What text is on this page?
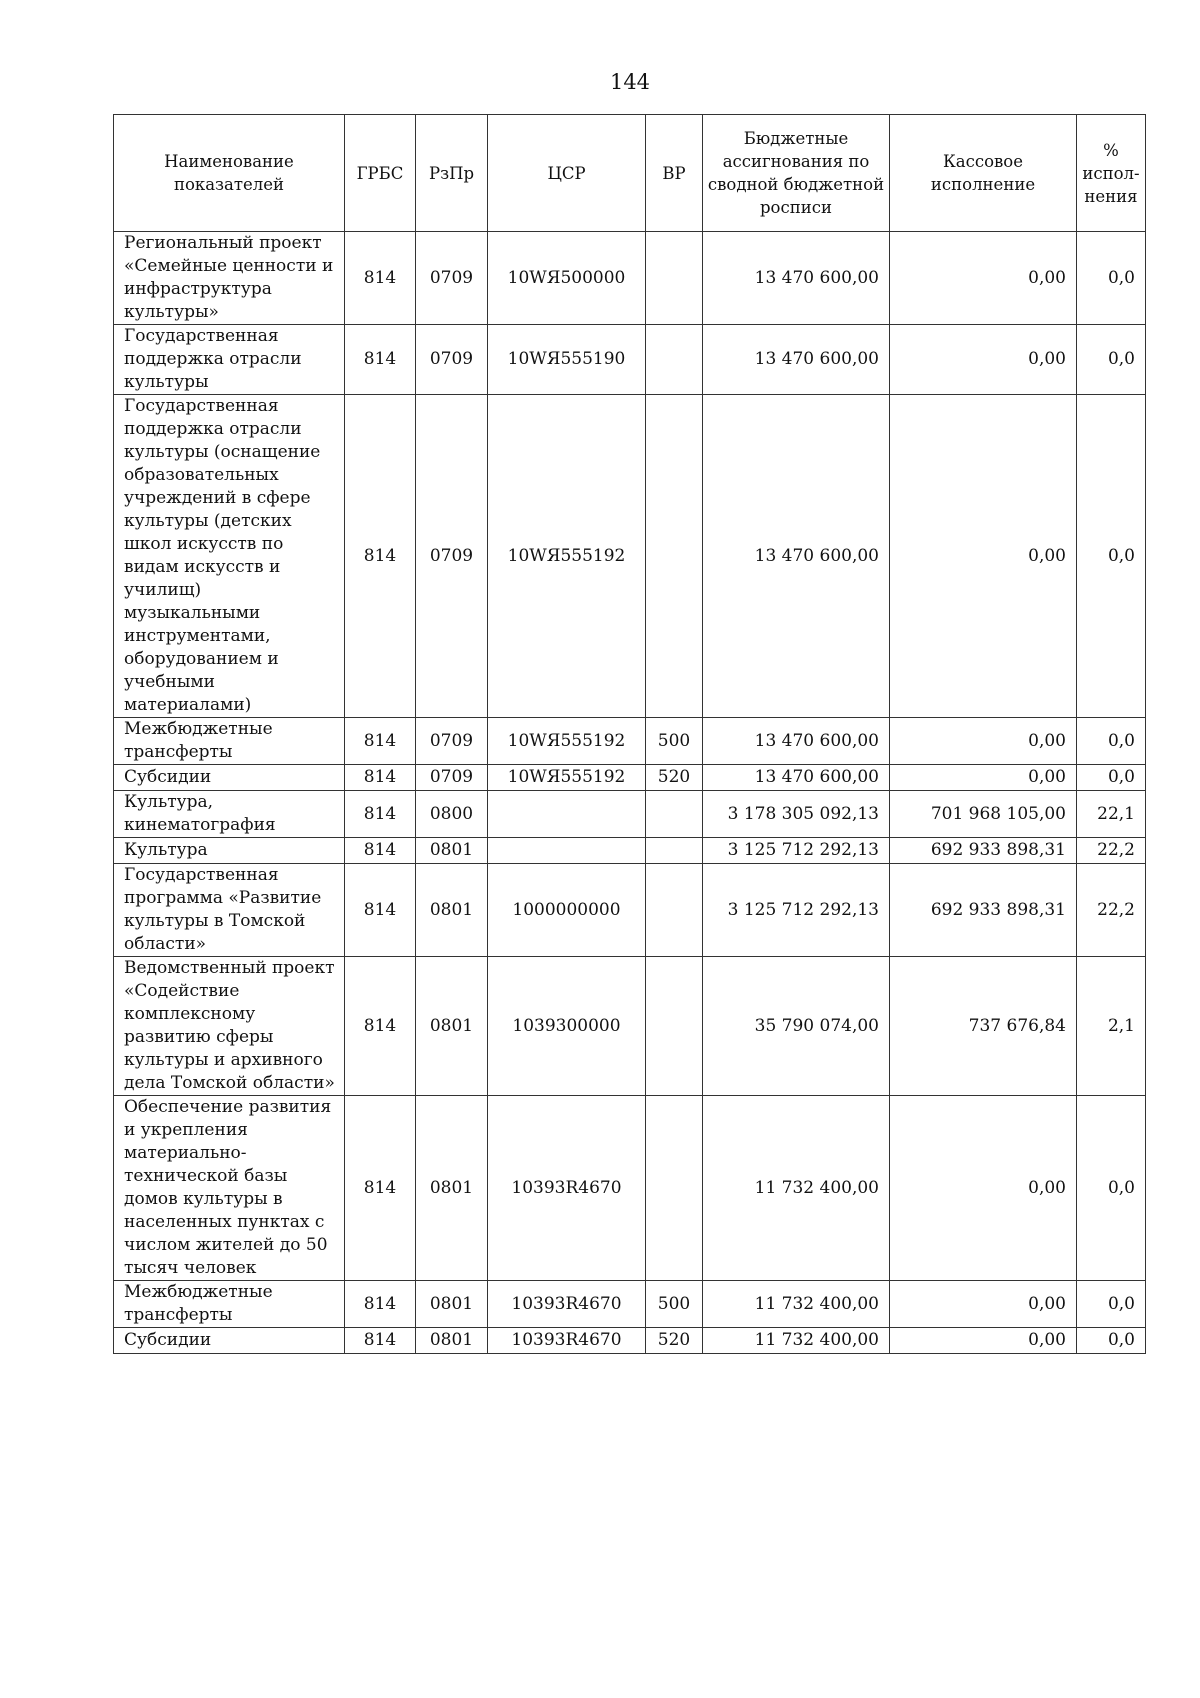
144
Наименование показателей	ГРБС	РзПр	ЦСР	ВР	Бюджетные ассигнования по сводной бюджетной росписи	Кассовое исполнение	% испол-нения
Региональный проект «Семейные ценности и инфраструктура культуры»	814	0709	10WЯ500000		13 470 600,00	0,00	0,0
Государственная поддержка отрасли культуры	814	0709	10WЯ555190		13 470 600,00	0,00	0,0
Государственная поддержка отрасли культуры (оснащение образовательных учреждений в сфере культуры (детских школ искусств по видам искусств и училищ) музыкальными инструментами, оборудованием и учебными материалами)	814	0709	10WЯ555192		13 470 600,00	0,00	0,0
Межбюджетные трансферты	814	0709	10WЯ555192	500	13 470 600,00	0,00	0,0
Субсидии	814	0709	10WЯ555192	520	13 470 600,00	0,00	0,0
Культура, кинематография	814	0800			3 178 305 092,13	701 968 105,00	22,1
Культура	814	0801			3 125 712 292,13	692 933 898,31	22,2
Государственная программа «Развитие культуры в Томской области»	814	0801	1000000000		3 125 712 292,13	692 933 898,31	22,2
Ведомственный проект «Содействие комплексному развитию сферы культуры и архивного дела Томской области»	814	0801	1039300000		35 790 074,00	737 676,84	2,1
Обеспечение развития и укрепления материально-технической базы домов культуры в населенных пунктах с числом жителей до 50 тысяч человек	814	0801	10393R4670		11 732 400,00	0,00	0,0
Межбюджетные трансферты	814	0801	10393R4670	500	11 732 400,00	0,00	0,0
Субсидии	814	0801	10393R4670	520	11 732 400,00	0,00	0,0
